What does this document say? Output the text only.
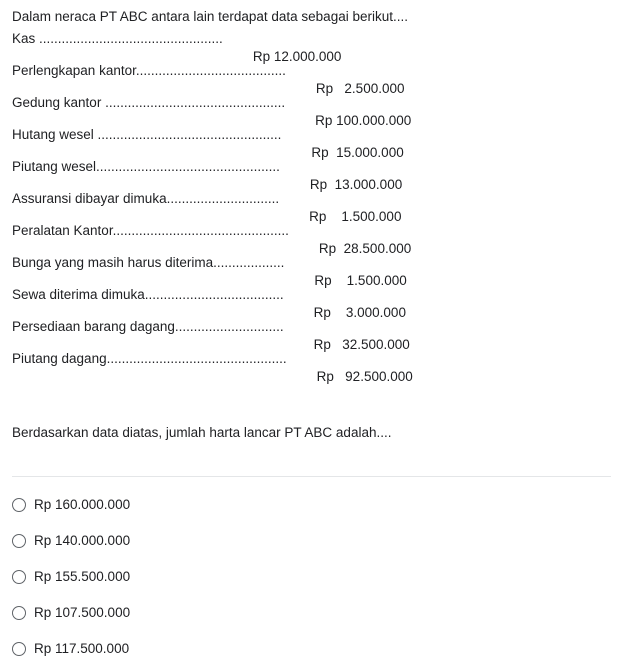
Dalam neraca PT ABC antara lain terdapat data sebagai berikut....
Kas .................................................

Rp 12.000.000

Perlengkapan kantor........................................

Rp 2.500.000

Gedung kantor ................................................

Rp 100.000.000

Hutang wesel .................................................

Rp 15.000.000

Piutang wesel.................................................

Rp 13.000.000

Assuransi dibayar dimuka..............................

Rp 1.500.000

Peralatan Kantor...............................................

Rp 28.500.000

Bunga yang masih harus diterima...................

Rp 1.500.000

Sewa diterima dimuka.....................................

Rp 3.000.000

Persediaan barang dagang.............................

Rp 32.500.000

Piutang dagang................................................

Rp 92.500.000

Berdasarkan data diatas, jumlah harta lancar PT ABC adalah....
Rp 160.000.000
Rp 140.000.000
Rp 155.500.000
Rp 107.500.000
Rp 117.500.000
